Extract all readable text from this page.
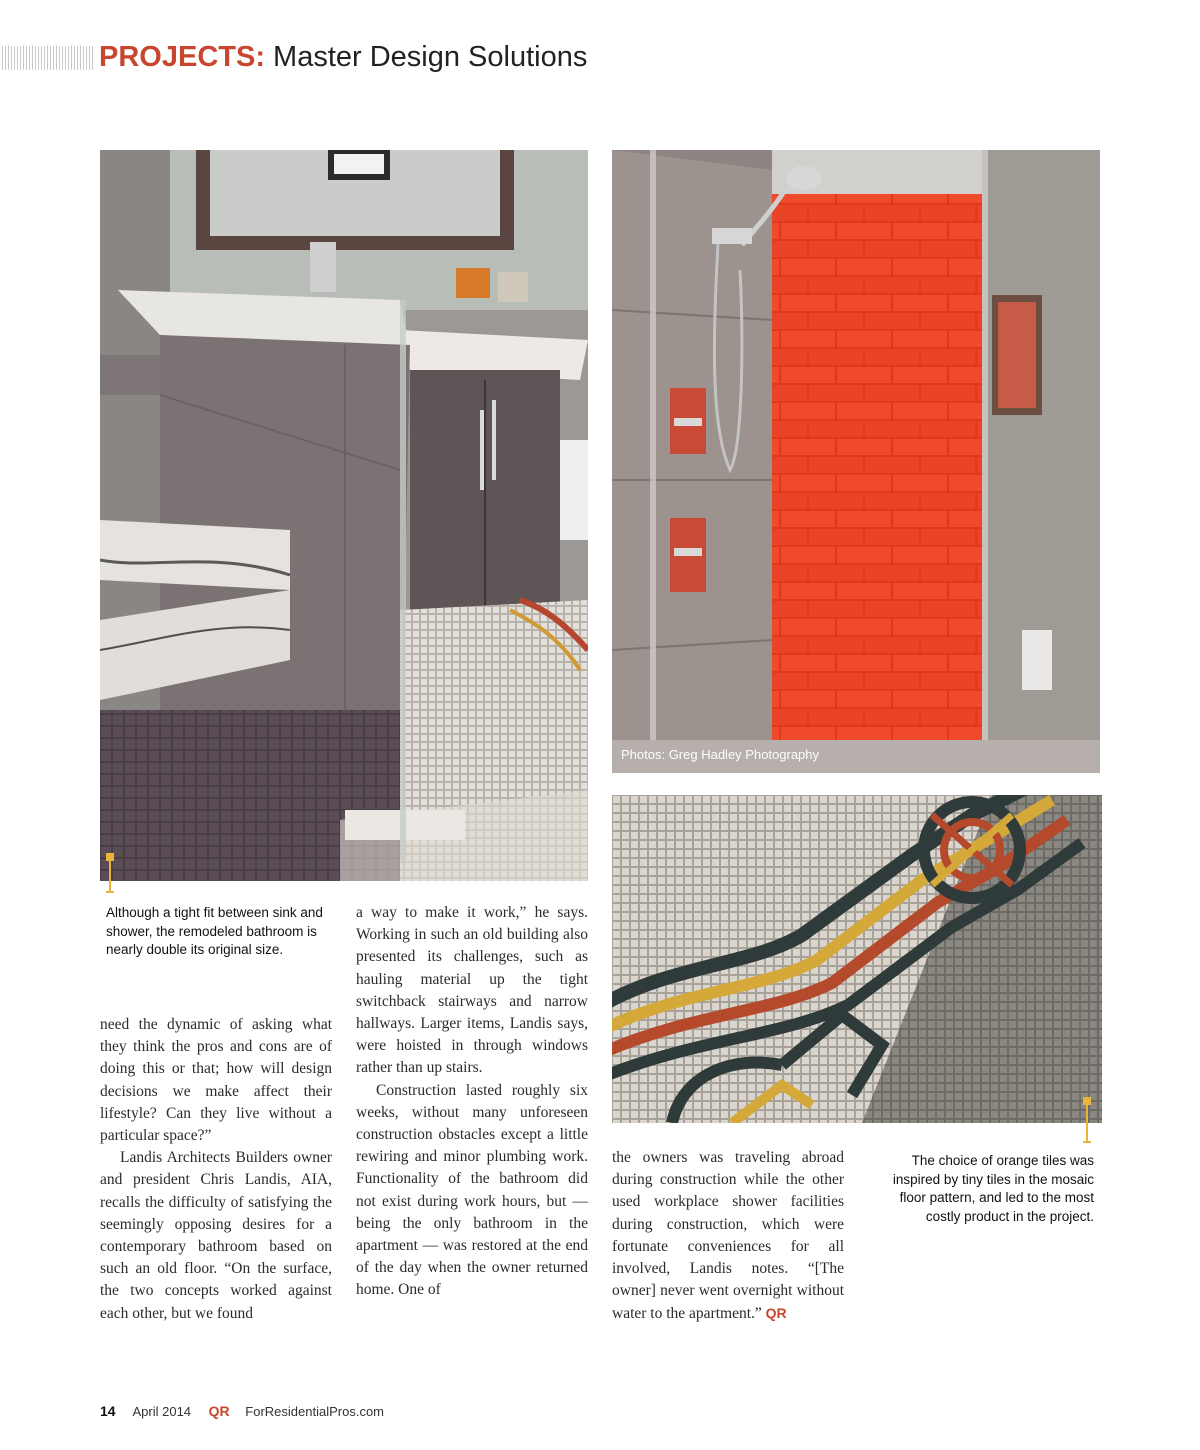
PROJECTS: Master Design Solutions
Photos: Greg Hadley Photography
Although a tight fit between sink and shower, the remodeled bathroom is nearly double its original size.
The choice of orange tiles was inspired by tiny tiles in the mosaic floor pattern, and led to the most costly product in the project.

need the dynamic of asking what they think the pros and cons are of doing this or that; how will design decisions we make affect their lifestyle? Can they live without a particular space?”

Landis Architects Builders owner and president Chris Landis, AIA, recalls the difficulty of satisfying the seemingly opposing desires for a contemporary bathroom based on such an old floor. “On the surface, the two concepts worked against each other, but we found

a way to make it work,” he says. Working in such an old building also presented its challenges, such as hauling material up the tight switchback stairways and narrow hallways. Larger items, Landis says, were hoisted in through windows rather than up stairs.

Construction lasted roughly six weeks, without many unforeseen construction obstacles except a little rewiring and minor plumbing work. Functionality of the bathroom did not exist during work hours, but — being the only bathroom in the apartment — was restored at the end of the day when the owner returned home. One of

the owners was traveling abroad during construction while the other used workplace shower facilities during construction, which were fortunate conveniences for all involved, Landis notes. “[The owner] never went overnight without water to the apartment.” QR

14 April 2014 QR ForResidentialPros.com
